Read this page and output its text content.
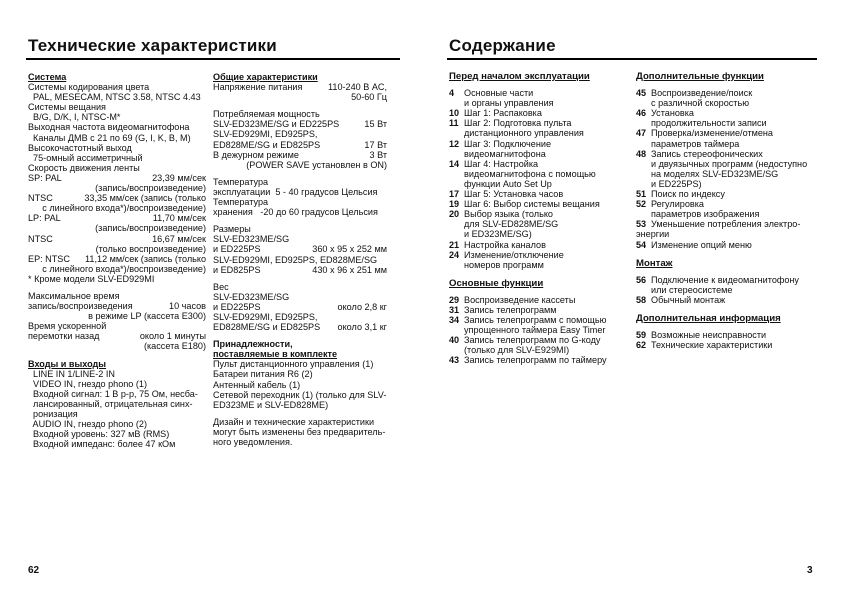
Технические характеристики
Система
Системы кодирования цвета
PAL, MESECAM, NTSC 3.58, NTSC 4.43
Системы вещания
B/G, D/K, I, NTSC-M*
Выходная частота видеомагнитофона
Каналы ДМВ с 21 по 69 (G, I, K, B, M)
Высокочастотный выход
75-омный ассиметричный
Скорость движения ленты
SP: PAL	23,39 мм/сек
(запись/воспроизведение)
NTSC	33,35 мм/сек (запись (только
с линейного входа*)/воспроизведение)
LP: PAL	11,70 мм/сек
(запись/воспроизведение)
NTSC	16,67 мм/сек
(только воспроизведение)
EP: NTSC 11,12 мм/сек (запись (только
с линейного входа*)/воспроизведение)
* Кроме модели SLV-ED929MI
Максимальное время
запись/воспроизведения	10 часов
в режиме LP (кассета E300)
Время ускоренной
перемотки назад	около 1 минуты
(кассета E180)
Входы и выходы
LINE IN 1/LINE-2 IN
VIDEO IN, гнездо phono (1)
Входной сигнал: 1 В р-р, 75 Ом, несба-
лансированный, отрицательная синх-
ронизация
AUDIO IN, гнездо phono (2)
Входной уровень: 327 мВ (RMS)
Входной импеданс: более 47 кОм
Общие характеристики
Напряжение питания	110-240 В AC,
50-60 Гц
Потребляемая мощность
SLV-ED323ME/SG и ED225PS	15 Вт
SLV-ED929MI, ED925PS,
ED828ME/SG и ED825PS	17 Вт
В дежурном режиме	3 Вт
(POWER SAVE установлен в ON)
Температура
эксплуатации  5 - 40 градусов Цельсия
Температура
хранения   -20 до 60 градусов Цельсия
Размеры
SLV-ED323ME/SG
и ED225PS	360 x 95 x 252 мм
SLV-ED929MI, ED925PS, ED828ME/SG
и ED825PS	430 x 96 x 251 мм
Вес
SLV-ED323ME/SG
и ED225PS	около 2,8 кг
SLV-ED929MI, ED925PS,
ED828ME/SG и ED825PS около 3,1 кг
Принадлежности,
поставляемые в комплекте
Пульт дистанционного управления (1)
Батареи питания R6 (2)
Антенный кабель (1)
Сетевой переходник (1) (только для SLV-
ED323ME и SLV-ED828ME)
Дизайн и технические характеристики
могут быть изменены без предваритель-
ного уведомления.
62
Содержание
Перед началом эксплуатации
4	Основные части
и органы управления
10 Шаг 1: Распаковка
11 Шаг 2: Подготовка пульта
дистанционного управления
12 Шаг 3: Подключение
видеомагнитофона
14 Шаг 4: Настройка
видеомагнитофона с помощью
функции Auto Set Up
17 Шаг 5: Установка часов
19 Шаг 6: Выбор системы вещания
20 Выбор языка (только
для SLV-ED828ME/SG
и ED323ME/SG)
21 Настройка каналов
24 Изменение/отключение
номеров программ
Основные функции
29 Воспроизведение кассеты
31 Запись телепрограмм
34 Запись телепрограмм с помощью
упрощенного таймера Easy Timer
40 Запись телепрограмм по G-коду
(только для SLV-E929MI)
43 Запись телепрограмм по таймеру
Дополнительные функции
45 Воспроизведение/поиск
с различной скоростью
46 Установка
продолжительности записи
47 Проверка/изменение/отмена
параметров таймера
48 Запись стереофонических
и двуязычных программ (недоступно
на моделях SLV-ED323ME/SG
и ED225PS)
51 Поиск по индексу
52 Регулировка
параметров изображения
53 Уменьшение потребления электро-
энергии
54 Изменение опций меню
Монтаж
56 Подключение к видеомагнитофону
или стереосистеме
58 Обычный монтаж
Дополнительная информация
59 Возможные неисправности
62 Технические характеристики
3
